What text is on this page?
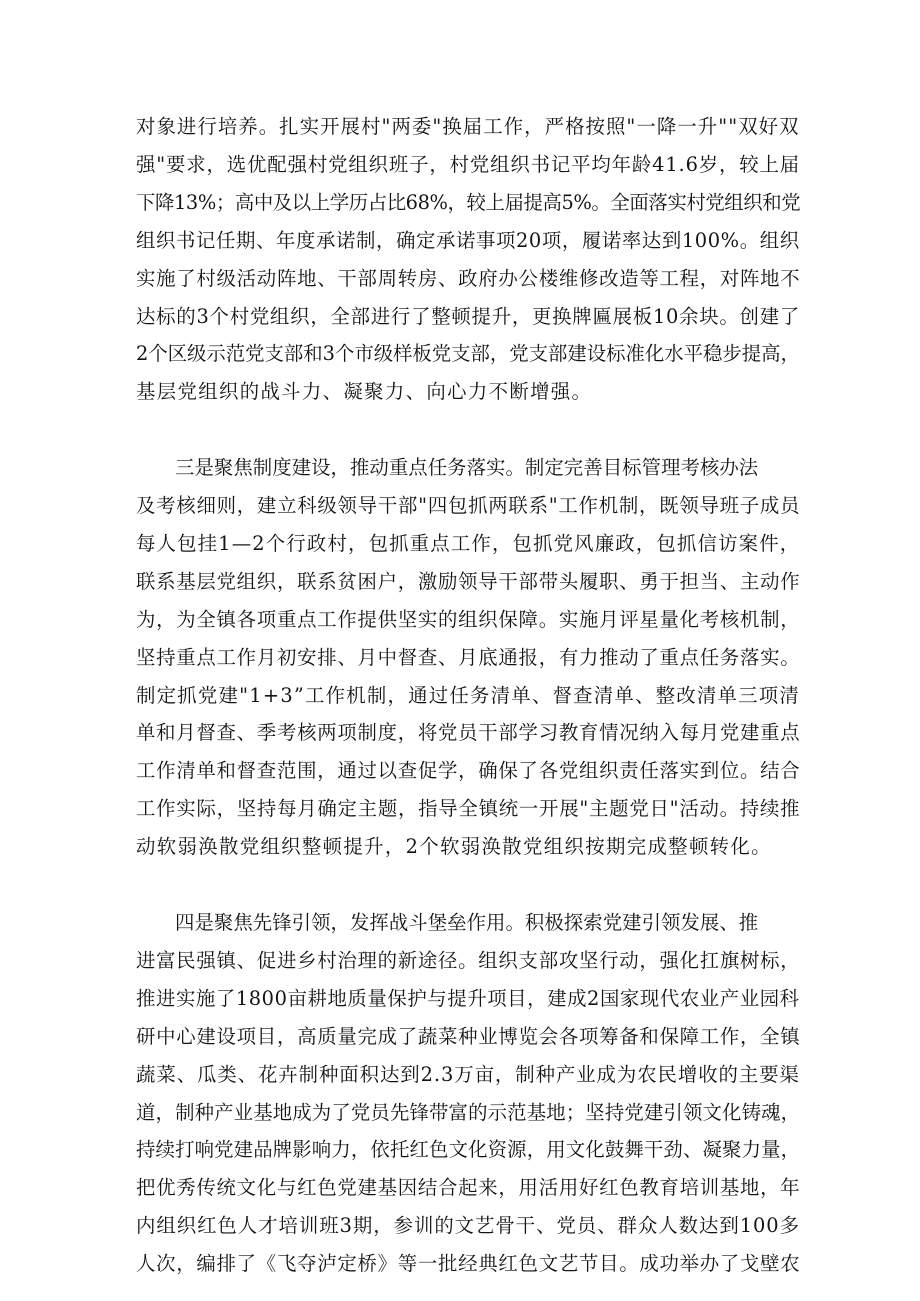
对象进行培养。扎实开展村"两委"换届工作，严格按照"一降一升""双好双
强"要求，选优配强村党组织班子，村党组织书记平均年龄41.6岁，较上届
下降13%；高中及以上学历占比68%，较上届提高5%。全面落实村党组织和党
组织书记任期、年度承诺制，确定承诺事项20项，履诺率达到100%。组织
实施了村级活动阵地、干部周转房、政府办公楼维修改造等工程，对阵地不
达标的3个村党组织，全部进行了整顿提升，更换牌匾展板10余块。创建了
2个区级示范党支部和3个市级样板党支部，党支部建设标准化水平稳步提高，
基层党组织的战斗力、凝聚力、向心力不断增强。

三是聚焦制度建设，推动重点任务落实。制定完善目标管理考核办法
及考核细则，建立科级领导干部"四包抓两联系"工作机制，既领导班子成员
每人包挂1—2个行政村，包抓重点工作，包抓党风廉政，包抓信访案件，
联系基层党组织，联系贫困户，激励领导干部带头履职、勇于担当、主动作
为，为全镇各项重点工作提供坚实的组织保障。实施月评星量化考核机制，
坚持重点工作月初安排、月中督查、月底通报，有力推动了重点任务落实。
制定抓党建"1+3”工作机制，通过任务清单、督查清单、整改清单三项清
单和月督查、季考核两项制度，将党员干部学习教育情况纳入每月党建重点
工作清单和督查范围，通过以查促学，确保了各党组织责任落实到位。结合
工作实际，坚持每月确定主题，指导全镇统一开展"主题党日"活动。持续推
动软弱涣散党组织整顿提升，2个软弱涣散党组织按期完成整顿转化。

四是聚焦先锋引领，发挥战斗堡垒作用。积极探索党建引领发展、推
进富民强镇、促进乡村治理的新途径。组织支部攻坚行动，强化扛旗树标，
推进实施了1800亩耕地质量保护与提升项目，建成2国家现代农业产业园科
研中心建设项目，高质量完成了蔬菜种业博览会各项筹备和保障工作，全镇
蔬菜、瓜类、花卉制种面积达到2.3万亩，制种产业成为农民增收的主要渠
道，制种产业基地成为了党员先锋带富的示范基地；坚持党建引领文化铸魂，
持续打响党建品牌影响力，依托红色文化资源，用文化鼓舞干劲、凝聚力量，
把优秀传统文化与红色党建基因结合起来，用活用好红色教育培训基地，年
内组织红色人才培训班3期，参训的文艺骨干、党员、群众人数达到100多
人次，编排了《飞夺泸定桥》等一批经典红色文艺节目。成功举办了戈壁农
